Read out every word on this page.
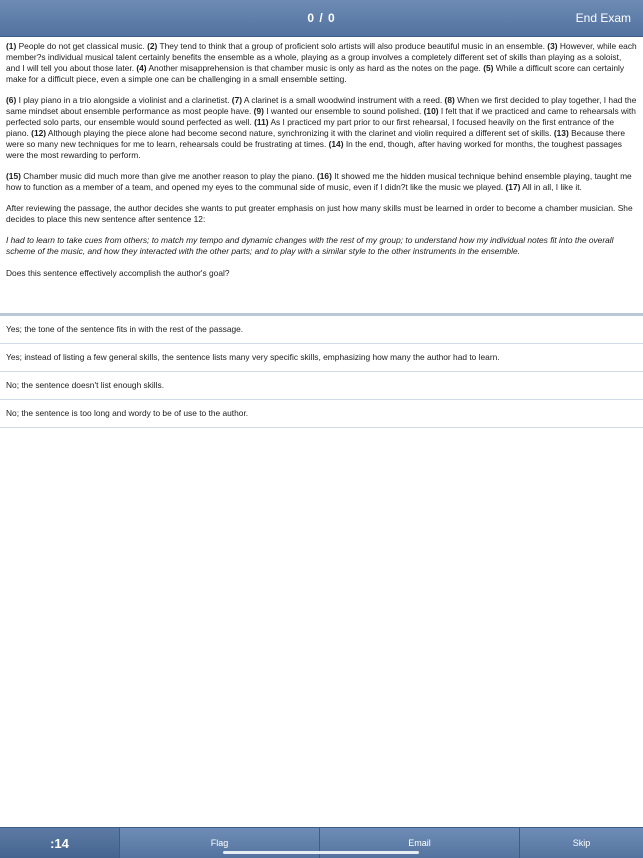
0 / 0	End Exam

(1) People do not get classical music. (2) They tend to think that a group of proficient solo artists will also produce beautiful music in an ensemble. (3) However, while each member?s individual musical talent certainly benefits the ensemble as a whole, playing as a group involves a completely different set of skills than playing as a soloist, and I will tell you about those later. (4) Another misapprehension is that chamber music is only as hard as the notes on the page. (5) While a difficult score can certainly make for a difficult piece, even a simple one can be challenging in a small ensemble setting.

(6) I play piano in a trio alongside a violinist and a clarinetist. (7) A clarinet is a small woodwind instrument with a reed. (8) When we first decided to play together, I had the same mindset about ensemble performance as most people have. (9) I wanted our ensemble to sound polished. (10) I felt that if we practiced and came to rehearsals with perfected solo parts, our ensemble would sound perfected as well. (11) As I practiced my part prior to our first rehearsal, I focused heavily on the first entrance of the piano. (12) Although playing the piece alone had become second nature, synchronizing it with the clarinet and violin required a different set of skills. (13) Because there were so many new techniques for me to learn, rehearsals could be frustrating at times. (14) In the end, though, after having worked for months, the toughest passages were the most rewarding to perform.

(15) Chamber music did much more than give me another reason to play the piano. (16) It showed me the hidden musical technique behind ensemble playing, taught me how to function as a member of a team, and opened my eyes to the communal side of music, even if I didn?t like the music we played. (17) All in all, I like it.

After reviewing the passage, the author decides she wants to put greater emphasis on just how many skills must be learned in order to become a chamber musician. She decides to place this new sentence after sentence 12:
I had to learn to take cues from others; to match my tempo and dynamic changes with the rest of my group; to understand how my individual notes fit into the overall scheme of the music, and how they interacted with the other parts; and to play with a similar style to the other instruments in the ensemble.
Does this sentence effectively accomplish the author's goal?
Yes; the tone of the sentence fits in with the rest of the passage.
Yes; instead of listing a few general skills, the sentence lists many very specific skills, emphasizing how many the author had to learn.
No; the sentence doesn't list enough skills.
No; the sentence is too long and wordy to be of use to the author.
:14	Flag	Email	Skip
